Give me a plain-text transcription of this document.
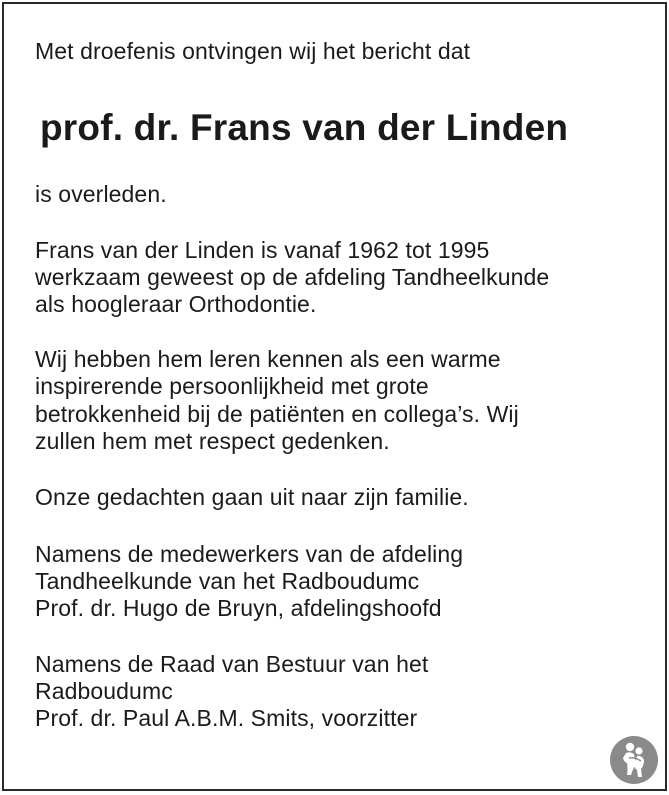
Met droefenis ontvingen wij het bericht dat
prof. dr. Frans van der Linden
is overleden.
Frans van der Linden is vanaf 1962 tot 1995
werkzaam geweest op de afdeling Tandheelkunde
als hoogleraar Orthodontie.
Wij hebben hem leren kennen als een warme
inspirerende persoonlijkheid met grote
betrokkenheid bij de patiënten en collega’s. Wij
zullen hem met respect gedenken.
Onze gedachten gaan uit naar zijn familie.
Namens de medewerkers van de afdeling
Tandheelkunde van het Radboudumc
Prof. dr. Hugo de Bruyn, afdelingshoofd
Namens de Raad van Bestuur van het
Radboudumc
Prof. dr. Paul A.B.M. Smits, voorzitter
